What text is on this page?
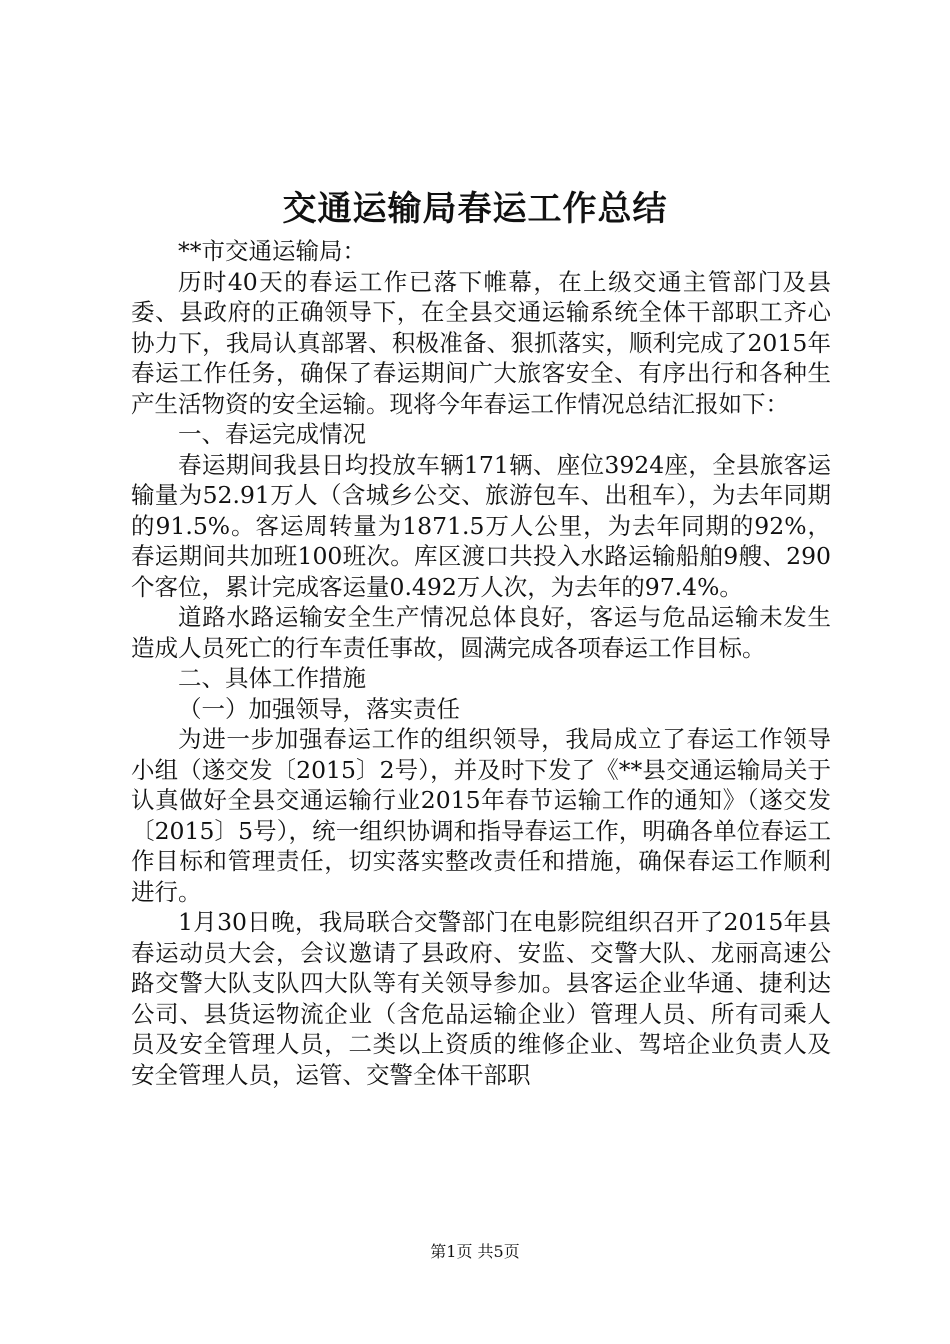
交通运输局春运工作总结

**市交通运输局：

历时40天的春运工作已落下帷幕，在上级交通主管部门及县委、县政府的正确领导下，在全县交通运输系统全体干部职工齐心协力下，我局认真部署、积极准备、狠抓落实，顺利完成了2015年春运工作任务，确保了春运期间广大旅客安全、有序出行和各种生产生活物资的安全运输。现将今年春运工作情况总结汇报如下：

一、春运完成情况

春运期间我县日均投放车辆171辆、座位3924座，全县旅客运输量为52.91万人（含城乡公交、旅游包车、出租车），为去年同期的91.5%。客运周转量为1871.5万人公里，为去年同期的92%，春运期间共加班100班次。库区渡口共投入水路运输船舶9艘、290个客位，累计完成客运量0.492万人次，为去年的97.4%。

道路水路运输安全生产情况总体良好，客运与危品运输未发生造成人员死亡的行车责任事故，圆满完成各项春运工作目标。

二、具体工作措施

（一）加强领导，落实责任

为进一步加强春运工作的组织领导，我局成立了春运工作领导小组（遂交发〔2015〕2号），并及时下发了《**县交通运输局关于认真做好全县交通运输行业2015年春节运输工作的通知》（遂交发〔2015〕5号），统一组织协调和指导春运工作，明确各单位春运工作目标和管理责任，切实落实整改责任和措施，确保春运工作顺利进行。

1月30日晚，我局联合交警部门在电影院组织召开了2015年县春运动员大会，会议邀请了县政府、安监、交警大队、龙丽高速公路交警大队支队四大队等有关领导参加。县客运企业华通、捷利达公司、县货运物流企业（含危品运输企业）管理人员、所有司乘人员及安全管理人员，二类以上资质的维修企业、驾培企业负责人及安全管理人员，运管、交警全体干部职

第1页 共5页
